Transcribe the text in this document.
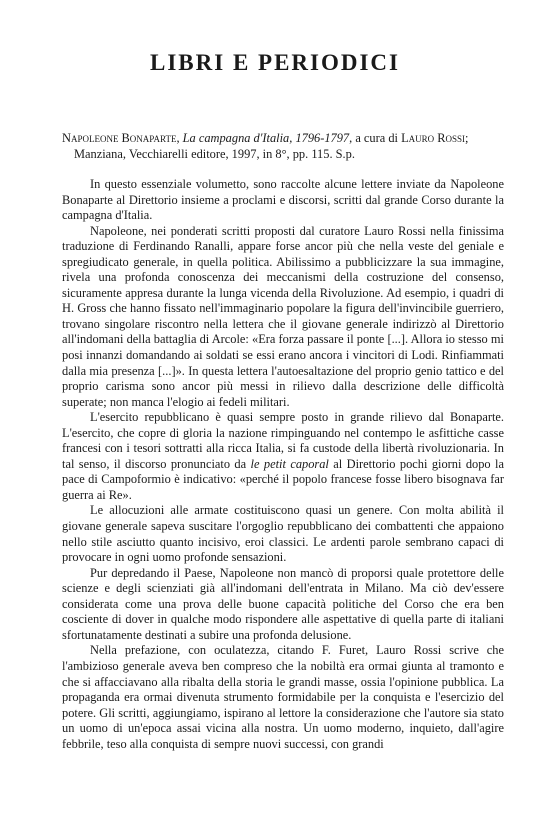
LIBRI E PERIODICI

Napoleone Bonaparte, La campagna d'Italia, 1796-1797, a cura di Lauro Rossi;

Manziana, Vecchiarelli editore, 1997, in 8°, pp. 115. S.p.

In questo essenziale volumetto, sono raccolte alcune lettere inviate da Napoleone Bonaparte al Direttorio insieme a proclami e discorsi, scritti dal grande Corso durante la campagna d'Italia.

Napoleone, nei ponderati scritti proposti dal curatore Lauro Rossi nella finissima traduzione di Ferdinando Ranalli, appare forse ancor più che nella veste del geniale e spregiudicato generale, in quella politica. Abilissimo a pubblicizzare la sua immagine, rivela una profonda conoscenza dei meccanismi della costruzione del consenso, sicuramente appresa durante la lunga vicenda della Rivoluzione. Ad esempio, i quadri di H. Gross che hanno fissato nell'immaginario popolare la figura dell'invincibile guerriero, trovano singolare riscontro nella lettera che il giovane generale indirizzò al Direttorio all'indomani della battaglia di Arcole: «Era forza passare il ponte [...]. Allora io stesso mi posi innanzi domandando ai soldati se essi erano ancora i vincitori di Lodi. Rinfiammati dalla mia presenza [...]». In questa lettera l'autoesaltazione del proprio genio tattico e del proprio carisma sono ancor più messi in rilievo dalla descrizione delle difficoltà superate; non manca l'elogio ai fedeli militari.

L'esercito repubblicano è quasi sempre posto in grande rilievo dal Bonaparte. L'esercito, che copre di gloria la nazione rimpinguando nel contempo le asfittiche casse francesi con i tesori sottratti alla ricca Italia, si fa custode della libertà rivoluzionaria. In tal senso, il discorso pronunciato da le petit caporal al Direttorio pochi giorni dopo la pace di Campoformio è indicativo: «perché il popolo francese fosse libero bisognava far guerra ai Re».

Le allocuzioni alle armate costituiscono quasi un genere. Con molta abilità il giovane generale sapeva suscitare l'orgoglio repubblicano dei combattenti che appaiono nello stile asciutto quanto incisivo, eroi classici. Le ardenti parole sembrano capaci di provocare in ogni uomo profonde sensazioni.

Pur depredando il Paese, Napoleone non mancò di proporsi quale protettore delle scienze e degli scienziati già all'indomani dell'entrata in Milano. Ma ciò dev'essere considerata come una prova delle buone capacità politiche del Corso che era ben cosciente di dover in qualche modo rispondere alle aspettative di quella parte di italiani sfortunatamente destinati a subire una profonda delusione.

Nella prefazione, con oculatezza, citando F. Furet, Lauro Rossi scrive che l'ambizioso generale aveva ben compreso che la nobiltà era ormai giunta al tramonto e che si affacciavano alla ribalta della storia le grandi masse, ossia l'opinione pubblica. La propaganda era ormai divenuta strumento formidabile per la conquista e l'esercizio del potere. Gli scritti, aggiungiamo, ispirano al lettore la considerazione che l'autore sia stato un uomo di un'epoca assai vicina alla nostra. Un uomo moderno, inquieto, dall'agire febbrile, teso alla conquista di sempre nuovi successi, con grandi
